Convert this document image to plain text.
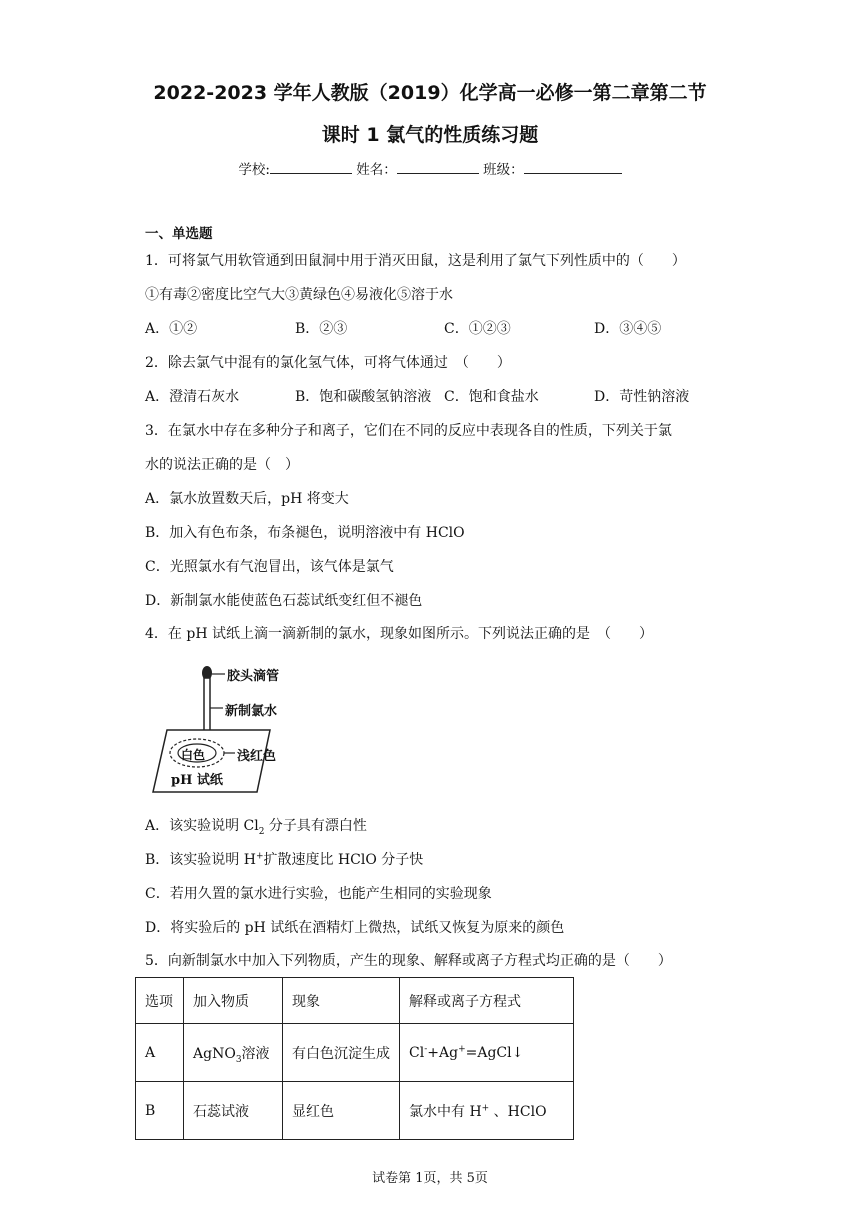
2022-2023 学年人教版（2019）化学高一必修一第二章第二节
课时 1 氯气的性质练习题
学校:	姓名：	班级：
一、单选题
1．可将氯气用软管通到田鼠洞中用于消灭田鼠，这是利用了氯气下列性质中的（　　）
①有毒②密度比空气大③黄绿色④易液化⑤溶于水
A．①②	B．②③	C．①②③	D．③④⑤
2．除去氯气中混有的氯化氢气体，可将气体通过　（　　）
A．澄清石灰水	B．饱和碳酸氢钠溶液 C．饱和食盐水	D．苛性钠溶液
3．在氯水中存在多种分子和离子，它们在不同的反应中表现各自的性质，下列关于氯
水的说法正确的是（　）
A．氯水放置数天后，pH 将变大
B．加入有色布条，布条褪色，说明溶液中有 HClO
C．光照氯水有气泡冒出，该气体是氯气
D．新制氯水能使蓝色石蕊试纸变红但不褪色
4．在 pH 试纸上滴一滴新制的氯水，现象如图所示。下列说法正确的是　（　　）
胶头滴管
新制氯水
白色 浅红色
pH 试纸
A．该实验说明 $Cl_2$ 分子具有漂白性
B．该实验说明 H+扩散速度比 HClO 分子快
C．若用久置的氯水进行实验，也能产生相同的实验现象
D．将实验后的 pH 试纸在酒精灯上微热，试纸又恢复为原来的颜色
5．向新制氯水中加入下列物质，产生的现象、解释或离子方程式均正确的是（　　）
选项	加入物质	现象	解释或离子方程式
A	AgNO$_3$溶液	有白色沉淀生成	Cl-+Ag+=AgCl↓
B	石蕊试液	显红色	氯水中有 H+ 、HClO
试卷第 1页，共 5页
